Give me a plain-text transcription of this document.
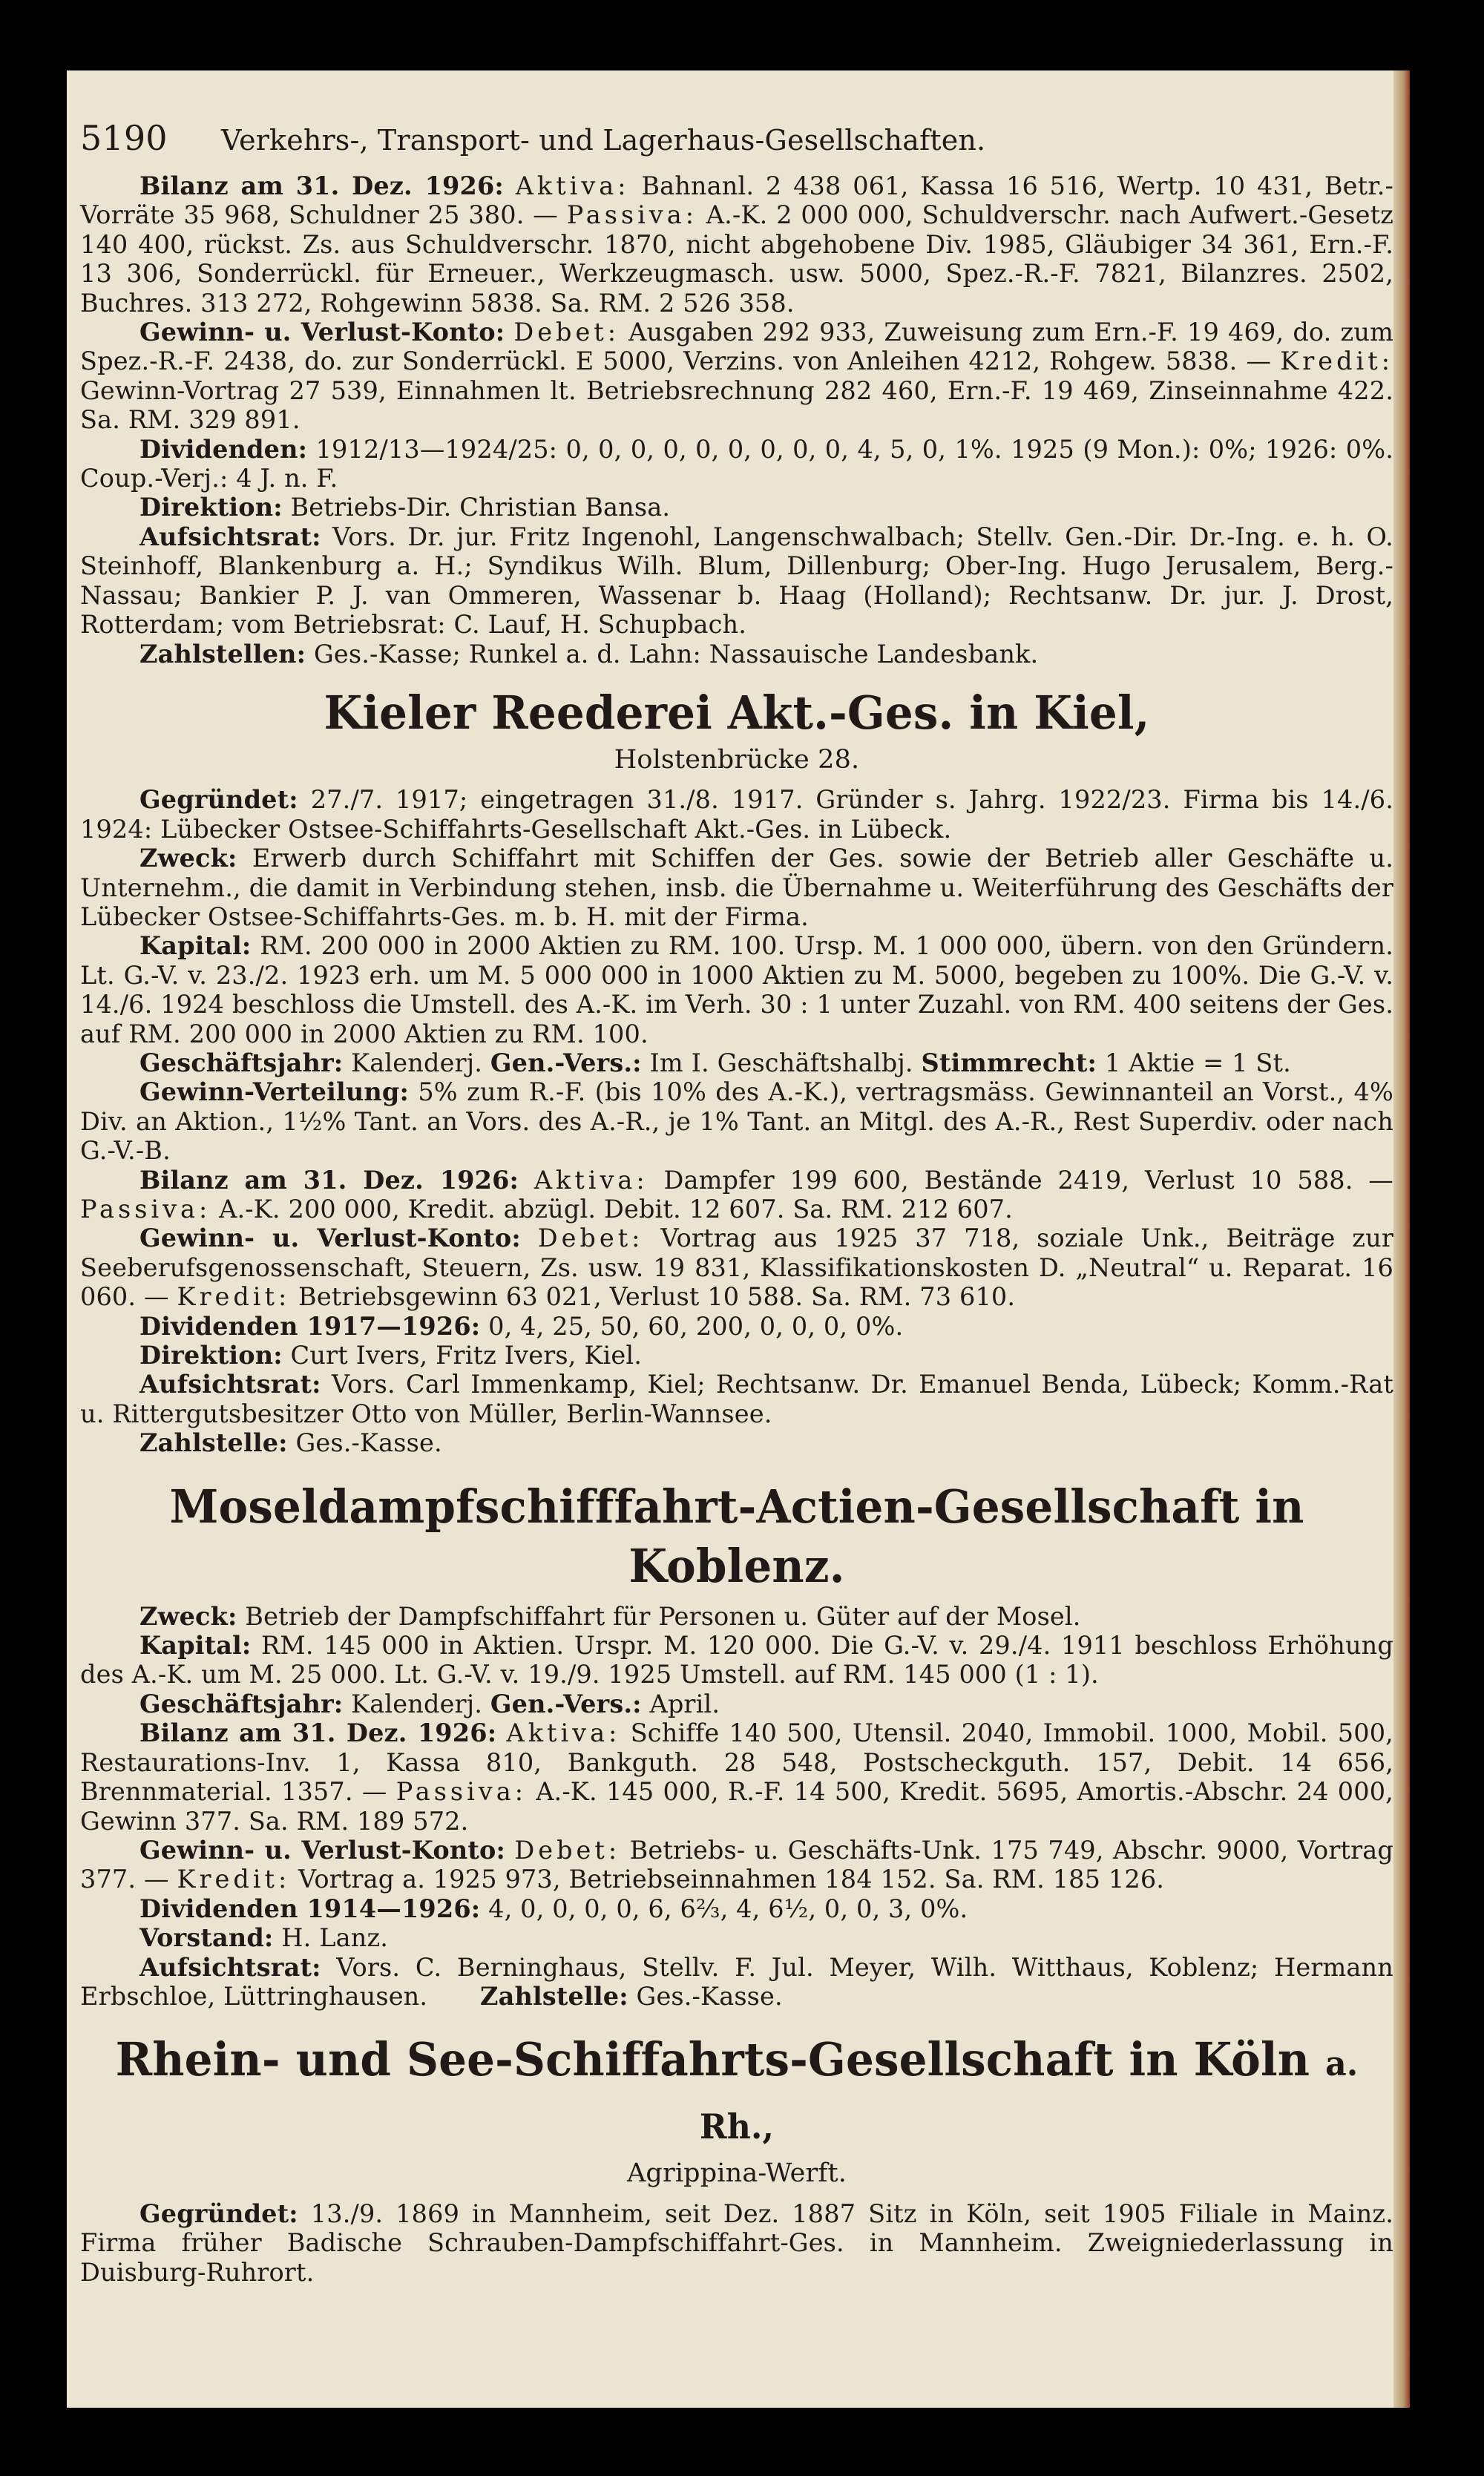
5190 Verkehrs-, Transport- und Lagerhaus-Gesellschaften.

Bilanz am 31. Dez. 1926: Aktiva: Bahnanl. 2 438 061, Kassa 16 516, Wertp. 10 431, Betr.-Vorräte 35 968, Schuldner 25 380. — Passiva: A.-K. 2 000 000, Schuldverschr. nach Aufwert.-Gesetz 140 400, rückst. Zs. aus Schuldverschr. 1870, nicht abgehobene Div. 1985, Gläubiger 34 361, Ern.-F. 13 306, Sonderrückl. für Erneuer., Werkzeugmasch. usw. 5000, Spez.-R.-F. 7821, Bilanzres. 2502, Buchres. 313 272, Rohgewinn 5838. Sa. RM. 2 526 358.

Gewinn- u. Verlust-Konto: Debet: Ausgaben 292 933, Zuweisung zum Ern.-F. 19 469, do. zum Spez.-R.-F. 2438, do. zur Sonderrückl. E 5000, Verzins. von Anleihen 4212, Rohgew. 5838. — Kredit: Gewinn-Vortrag 27 539, Einnahmen lt. Betriebsrechnung 282 460, Ern.-F. 19 469, Zinseinnahme 422. Sa. RM. 329 891.

Dividenden: 1912/13—1924/25: 0, 0, 0, 0, 0, 0, 0, 0, 0, 4, 5, 0, 1%. 1925 (9 Mon.): 0%; 1926: 0%. Coup.-Verj.: 4 J. n. F.

Direktion: Betriebs-Dir. Christian Bansa.

Aufsichtsrat: Vors. Dr. jur. Fritz Ingenohl, Langenschwalbach; Stellv. Gen.-Dir. Dr.-Ing. e. h. O. Steinhoff, Blankenburg a. H.; Syndikus Wilh. Blum, Dillenburg; Ober-Ing. Hugo Jerusalem, Berg.-Nassau; Bankier P. J. van Ommeren, Wassenar b. Haag (Holland); Rechtsanw. Dr. jur. J. Drost, Rotterdam; vom Betriebsrat: C. Lauf, H. Schupbach.

Zahlstellen: Ges.-Kasse; Runkel a. d. Lahn: Nassauische Landesbank.

Kieler Reederei Akt.-Ges. in Kiel,
Holstenbrücke 28.

Gegründet: 27./7. 1917; eingetragen 31./8. 1917. Gründer s. Jahrg. 1922/23. Firma bis 14./6. 1924: Lübecker Ostsee-Schiffahrts-Gesellschaft Akt.-Ges. in Lübeck.

Zweck: Erwerb durch Schiffahrt mit Schiffen der Ges. sowie der Betrieb aller Geschäfte u. Unternehm., die damit in Verbindung stehen, insb. die Übernahme u. Weiterführung des Geschäfts der Lübecker Ostsee-Schiffahrts-Ges. m. b. H. mit der Firma.

Kapital: RM. 200 000 in 2000 Aktien zu RM. 100. Ursp. M. 1 000 000, übern. von den Gründern. Lt. G.-V. v. 23./2. 1923 erh. um M. 5 000 000 in 1000 Aktien zu M. 5000, begeben zu 100%. Die G.-V. v. 14./6. 1924 beschloss die Umstell. des A.-K. im Verh. 30 : 1 unter Zuzahl. von RM. 400 seitens der Ges. auf RM. 200 000 in 2000 Aktien zu RM. 100.

Geschäftsjahr: Kalenderj. Gen.-Vers.: Im I. Geschäftshalbj. Stimmrecht: 1 Aktie = 1 St.

Gewinn-Verteilung: 5% zum R.-F. (bis 10% des A.-K.), vertragsmäss. Gewinnanteil an Vorst., 4% Div. an Aktion., 1½% Tant. an Vors. des A.-R., je 1% Tant. an Mitgl. des A.-R., Rest Superdiv. oder nach G.-V.-B.

Bilanz am 31. Dez. 1926: Aktiva: Dampfer 199 600, Bestände 2419, Verlust 10 588. — Passiva: A.-K. 200 000, Kredit. abzügl. Debit. 12 607. Sa. RM. 212 607.

Gewinn- u. Verlust-Konto: Debet: Vortrag aus 1925 37 718, soziale Unk., Beiträge zur Seeberufsgenossenschaft, Steuern, Zs. usw. 19 831, Klassifikationskosten D. „Neutral“ u. Reparat. 16 060. — Kredit: Betriebsgewinn 63 021, Verlust 10 588. Sa. RM. 73 610.

Dividenden 1917—1926: 0, 4, 25, 50, 60, 200, 0, 0, 0, 0%.

Direktion: Curt Ivers, Fritz Ivers, Kiel.

Aufsichtsrat: Vors. Carl Immenkamp, Kiel; Rechtsanw. Dr. Emanuel Benda, Lübeck; Komm.-Rat u. Rittergutsbesitzer Otto von Müller, Berlin-Wannsee.

Zahlstelle: Ges.-Kasse.

Moseldampfschifffahrt-Actien-Gesellschaft in Koblenz.

Zweck: Betrieb der Dampfschiffahrt für Personen u. Güter auf der Mosel.

Kapital: RM. 145 000 in Aktien. Urspr. M. 120 000. Die G.-V. v. 29./4. 1911 beschloss Erhöhung des A.-K. um M. 25 000. Lt. G.-V. v. 19./9. 1925 Umstell. auf RM. 145 000 (1 : 1).

Geschäftsjahr: Kalenderj. Gen.-Vers.: April.

Bilanz am 31. Dez. 1926: Aktiva: Schiffe 140 500, Utensil. 2040, Immobil. 1000, Mobil. 500, Restaurations-Inv. 1, Kassa 810, Bankguth. 28 548, Postscheckguth. 157, Debit. 14 656, Brennmaterial. 1357. — Passiva: A.-K. 145 000, R.-F. 14 500, Kredit. 5695, Amortis.-Abschr. 24 000, Gewinn 377. Sa. RM. 189 572.

Gewinn- u. Verlust-Konto: Debet: Betriebs- u. Geschäfts-Unk. 175 749, Abschr. 9000, Vortrag 377. — Kredit: Vortrag a. 1925 973, Betriebseinnahmen 184 152. Sa. RM. 185 126.

Dividenden 1914—1926: 4, 0, 0, 0, 0, 6, 6⅔, 4, 6½, 0, 0, 3, 0%.

Vorstand: H. Lanz.

Aufsichtsrat: Vors. C. Berninghaus, Stellv. F. Jul. Meyer, Wilh. Witthaus, Koblenz; Hermann Erbschloe, Lüttringhausen. Zahlstelle: Ges.-Kasse.

Rhein- und See-Schiffahrts-Gesellschaft in Köln a. Rh.,
Agrippina-Werft.

Gegründet: 13./9. 1869 in Mannheim, seit Dez. 1887 Sitz in Köln, seit 1905 Filiale in Mainz. Firma früher Badische Schrauben-Dampfschiffahrt-Ges. in Mannheim. Zweigniederlassung in Duisburg-Ruhrort.
